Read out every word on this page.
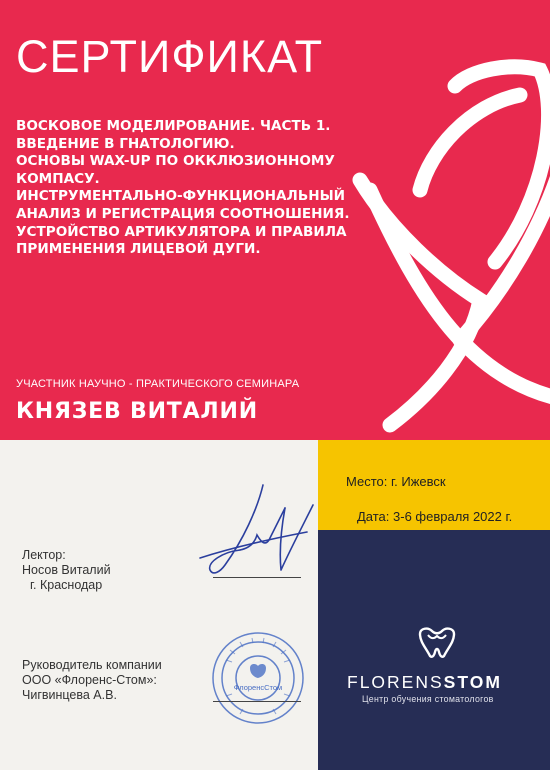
СЕРТИФИКАТ
ВОСКОВОЕ МОДЕЛИРОВАНИЕ. ЧАСТЬ 1.
ВВЕДЕНИЕ В ГНАТОЛОГИЮ.
ОСНОВЫ WAX-UP ПО ОККЛЮЗИОННОМУ
КОМПАСУ.
ИНСТРУМЕНТАЛЬНО-ФУНКЦИОНАЛЬНЫЙ
АНАЛИЗ И РЕГИСТРАЦИЯ СООТНОШЕНИЯ.
УСТРОЙСТВО АРТИКУЛЯТОРА И ПРАВИЛА
ПРИМЕНЕНИЯ ЛИЦЕВОЙ ДУГИ.
УЧАСТНИК НАУЧНО - ПРАКТИЧЕСКОГО СЕМИНАРА
КНЯЗЕВ ВИТАЛИЙ
Место: г. Ижевск
Дата: 3-6 февраля 2022 г.
Лектор:
Носов Виталий
г. Краснодар
Руководитель компании
ООО «Флоренс-Стом»:
Чигвинцева А.В.
ФлоренсСтом	FLORENSSTOM
Центр обучения стоматологов
